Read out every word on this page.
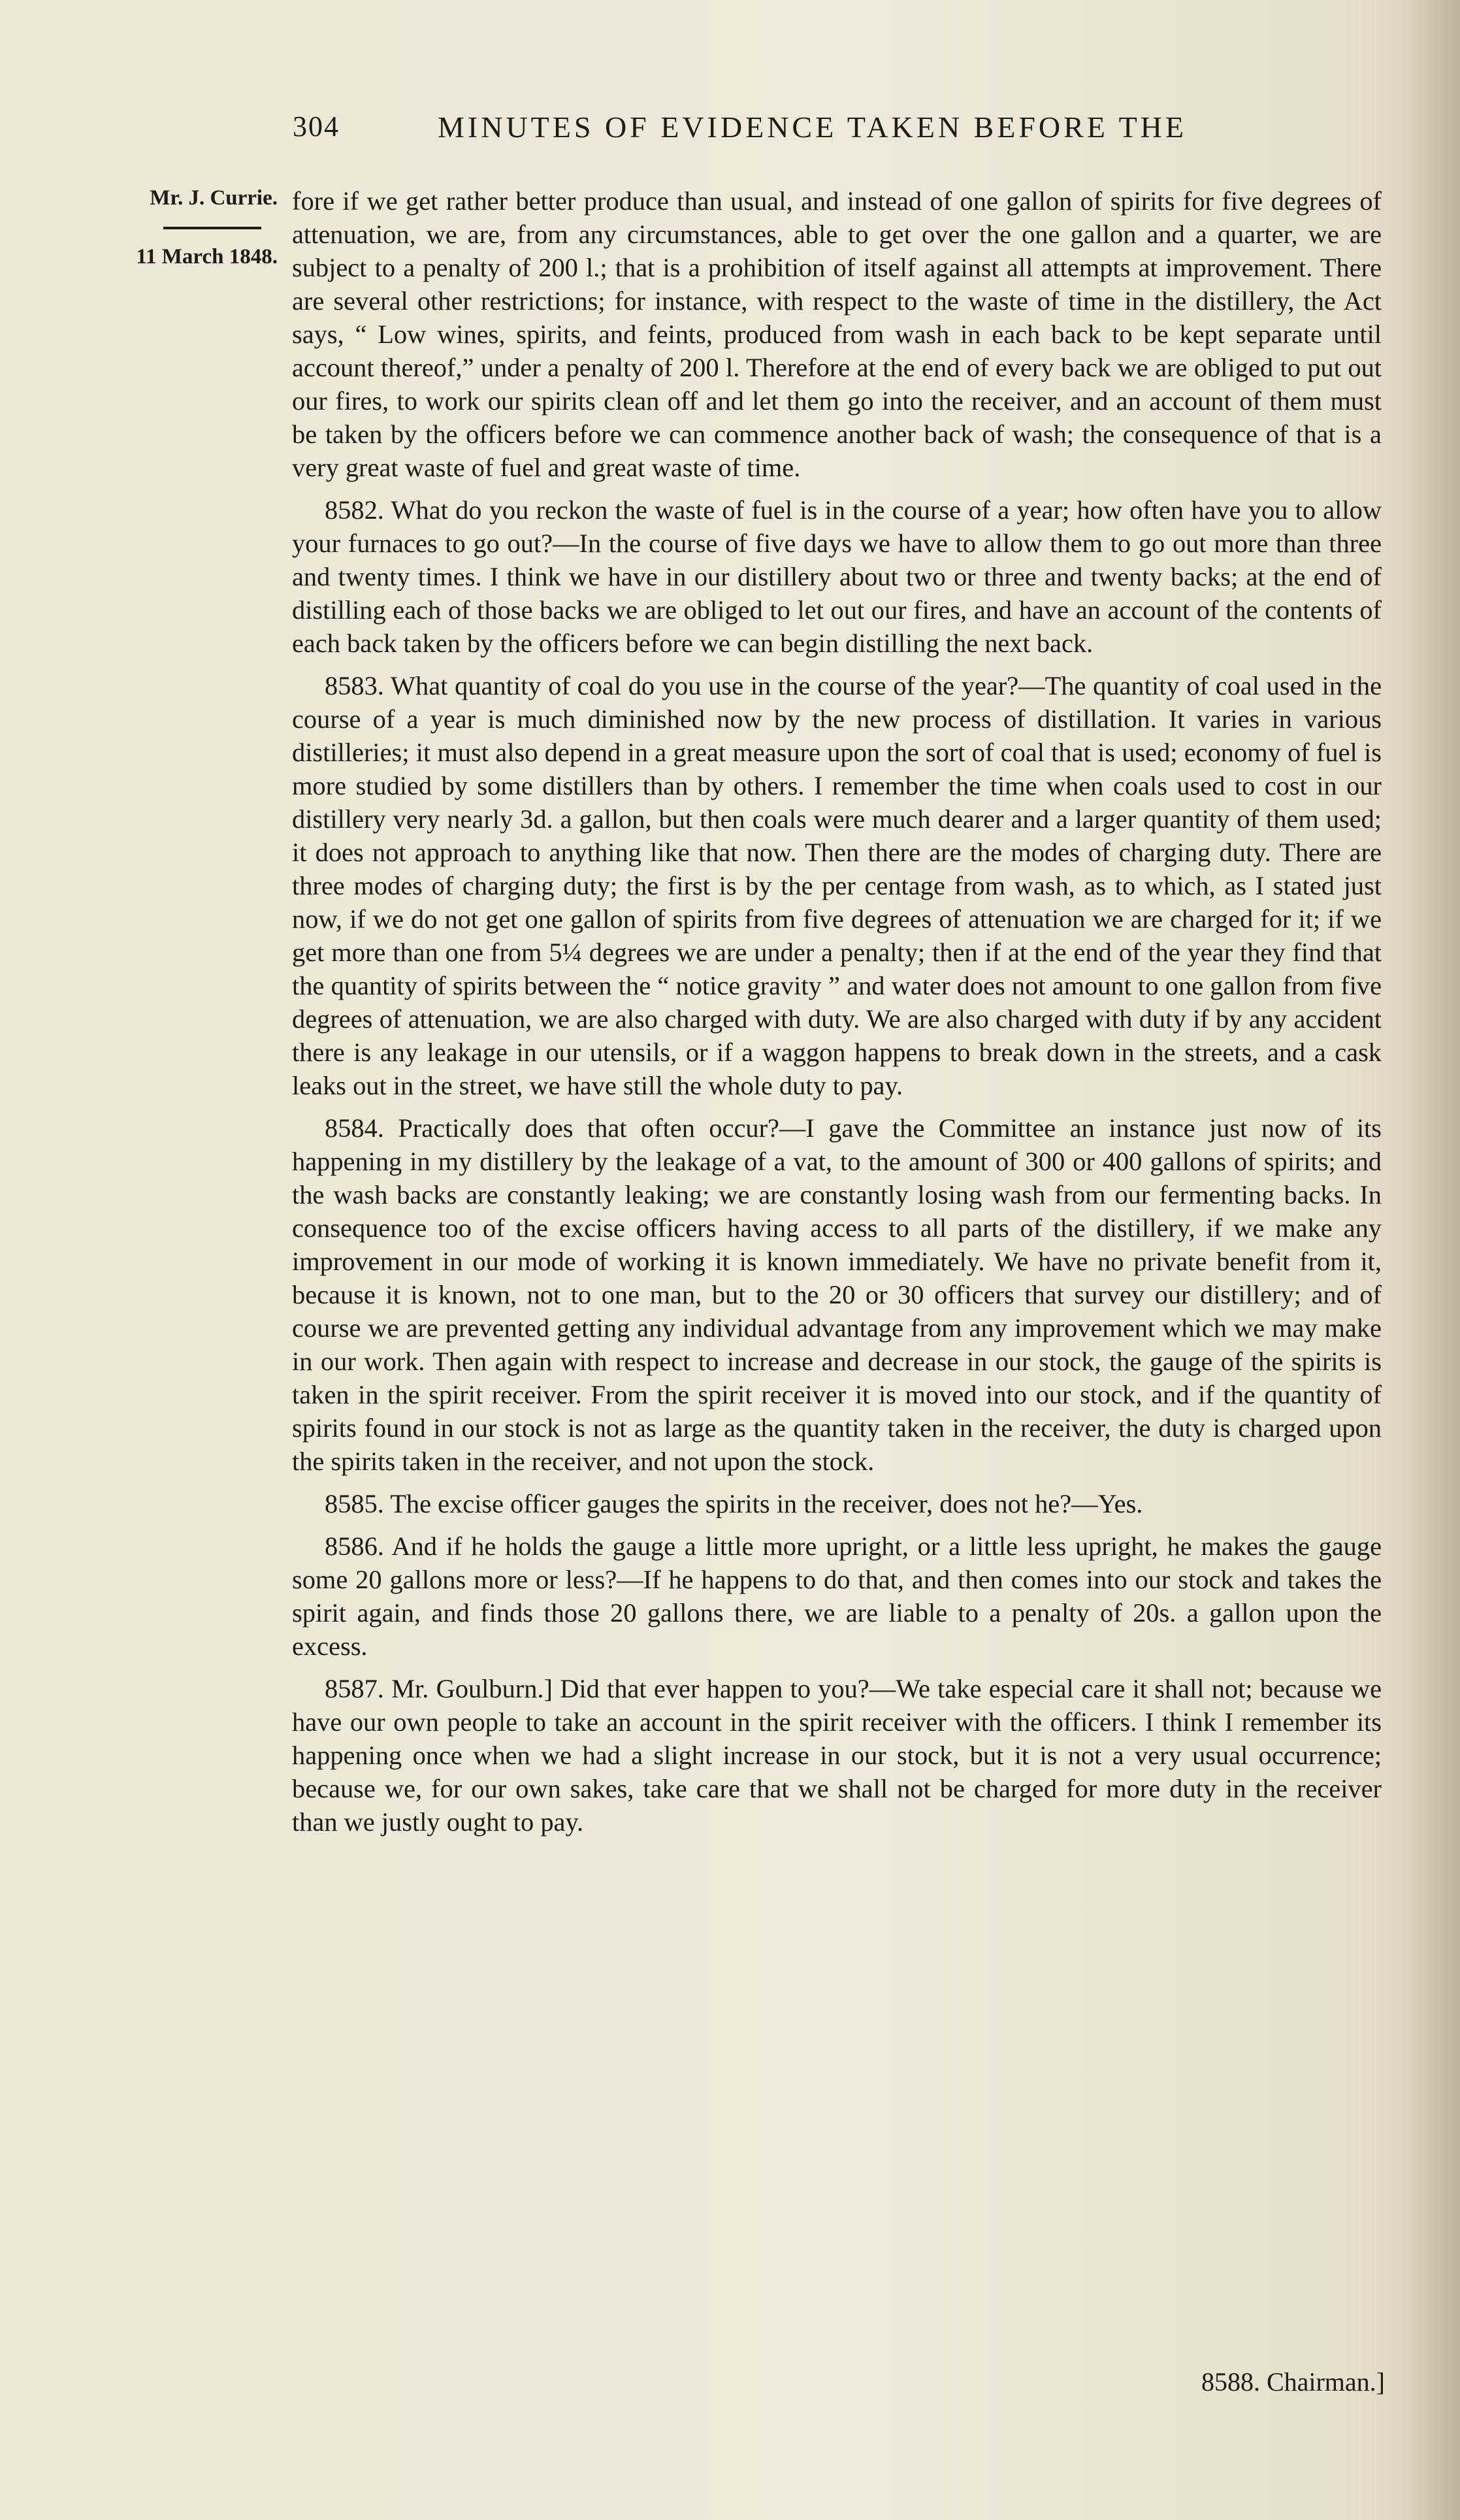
304	MINUTES OF EVIDENCE TAKEN BEFORE THE
Mr. J. Currie.
11 March 1848.

fore if we get rather better produce than usual, and instead of one gallon of spirits for five degrees of attenuation, we are, from any circumstances, able to get over the one gallon and a quarter, we are subject to a penalty of 200 l.; that is a prohibition of itself against all attempts at improvement. There are several other restrictions; for instance, with respect to the waste of time in the distillery, the Act says, “ Low wines, spirits, and feints, produced from wash in each back to be kept separate until account thereof,” under a penalty of 200 l. Therefore at the end of every back we are obliged to put out our fires, to work our spirits clean off and let them go into the receiver, and an account of them must be taken by the officers before we can commence another back of wash; the consequence of that is a very great waste of fuel and great waste of time.

8582. What do you reckon the waste of fuel is in the course of a year; how often have you to allow your furnaces to go out?—In the course of five days we have to allow them to go out more than three and twenty times. I think we have in our distillery about two or three and twenty backs; at the end of distilling each of those backs we are obliged to let out our fires, and have an account of the contents of each back taken by the officers before we can begin distilling the next back.

8583. What quantity of coal do you use in the course of the year?—The quantity of coal used in the course of a year is much diminished now by the new process of distillation. It varies in various distilleries; it must also depend in a great measure upon the sort of coal that is used; economy of fuel is more studied by some distillers than by others. I remember the time when coals used to cost in our distillery very nearly 3d. a gallon, but then coals were much dearer and a larger quantity of them used; it does not approach to anything like that now. Then there are the modes of charging duty. There are three modes of charging duty; the first is by the per centage from wash, as to which, as I stated just now, if we do not get one gallon of spirits from five degrees of attenuation we are charged for it; if we get more than one from 5¼ degrees we are under a penalty; then if at the end of the year they find that the quantity of spirits between the “ notice gravity ” and water does not amount to one gallon from five degrees of attenuation, we are also charged with duty. We are also charged with duty if by any accident there is any leakage in our utensils, or if a waggon happens to break down in the streets, and a cask leaks out in the street, we have still the whole duty to pay.

8584. Practically does that often occur?—I gave the Committee an instance just now of its happening in my distillery by the leakage of a vat, to the amount of 300 or 400 gallons of spirits; and the wash backs are constantly leaking; we are constantly losing wash from our fermenting backs. In consequence too of the excise officers having access to all parts of the distillery, if we make any improvement in our mode of working it is known immediately. We have no private benefit from it, because it is known, not to one man, but to the 20 or 30 officers that survey our distillery; and of course we are prevented getting any individual advantage from any improvement which we may make in our work. Then again with respect to increase and decrease in our stock, the gauge of the spirits is taken in the spirit receiver. From the spirit receiver it is moved into our stock, and if the quantity of spirits found in our stock is not as large as the quantity taken in the receiver, the duty is charged upon the spirits taken in the receiver, and not upon the stock.

8585. The excise officer gauges the spirits in the receiver, does not he?—Yes.

8586. And if he holds the gauge a little more upright, or a little less upright, he makes the gauge some 20 gallons more or less?—If he happens to do that, and then comes into our stock and takes the spirit again, and finds those 20 gallons there, we are liable to a penalty of 20s. a gallon upon the excess.

8587. Mr. Goulburn.] Did that ever happen to you?—We take especial care it shall not; because we have our own people to take an account in the spirit receiver with the officers. I think I remember its happening once when we had a slight increase in our stock, but it is not a very usual occurrence; because we, for our own sakes, take care that we shall not be charged for more duty in the receiver than we justly ought to pay.

8588. Chairman.]
